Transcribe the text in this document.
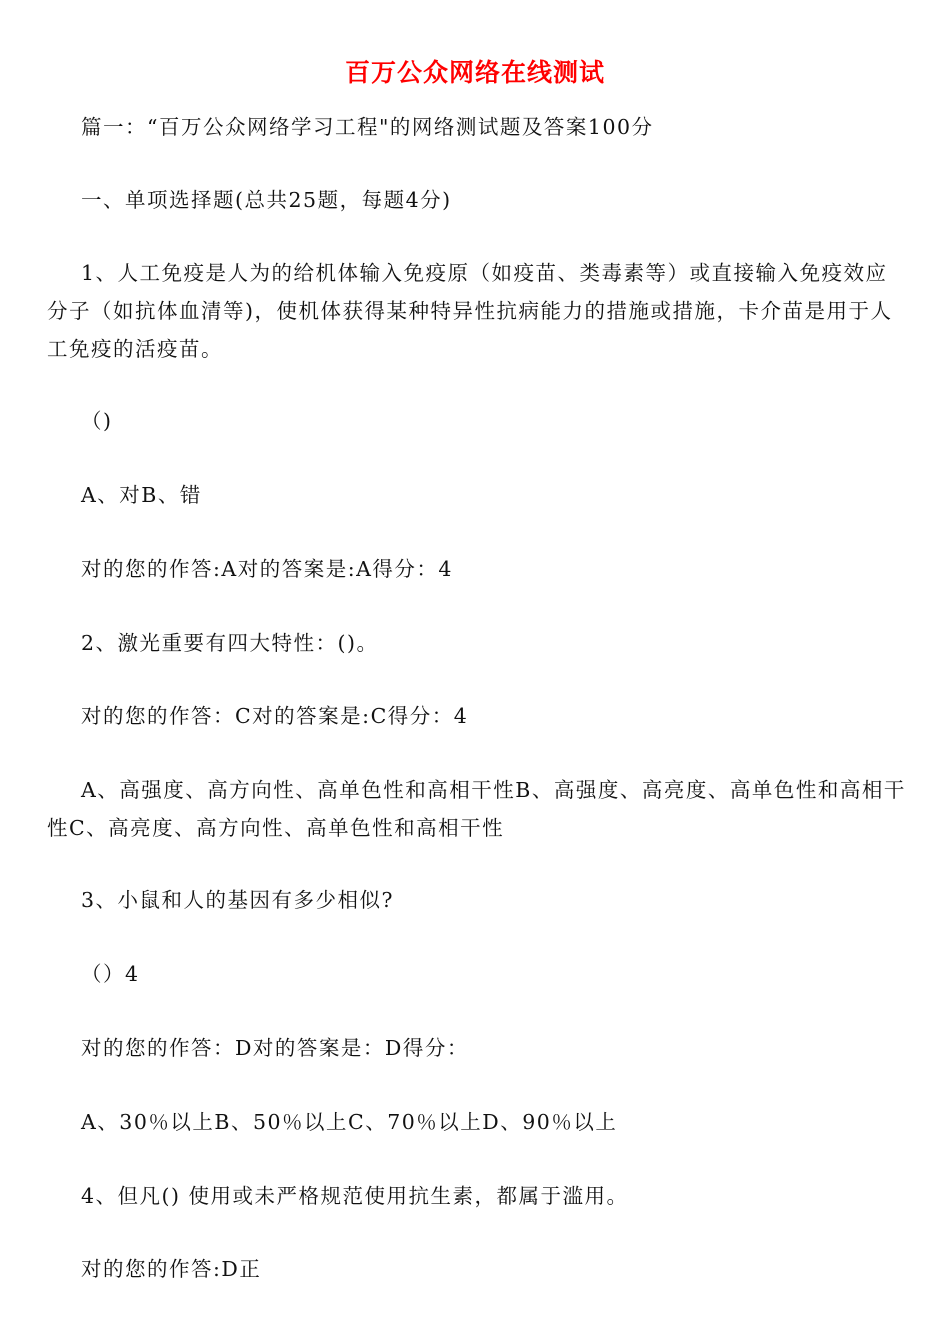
百万公众网络在线测试

篇一：“百万公众网络学习工程"的网络测试题及答案100分

一、单项选择题(总共25题，每题4分)

1、人工免疫是人为的给机体输入免疫原（如疫苗、类毒素等）或直接输入免疫效应分子（如抗体血清等)，使机体获得某种特异性抗病能力的措施或措施，卡介苗是用于人工免疫的活疫苗。

（)

A、对B、错

对的您的作答:A对的答案是:A得分：4

2、激光重要有四大特性：()。

对的您的作答：C对的答案是:C得分：4

A、高强度、高方向性、高单色性和高相干性B、高强度、高亮度、高单色性和高相干性C、高亮度、高方向性、高单色性和高相干性

3、小鼠和人的基因有多少相似?

（）4

对的您的作答：D对的答案是：D得分：

A、30％以上B、50％以上C、70％以上D、90％以上

4、但凡() 使用或未严格规范使用抗生素，都属于滥用。

对的您的作答:D正
